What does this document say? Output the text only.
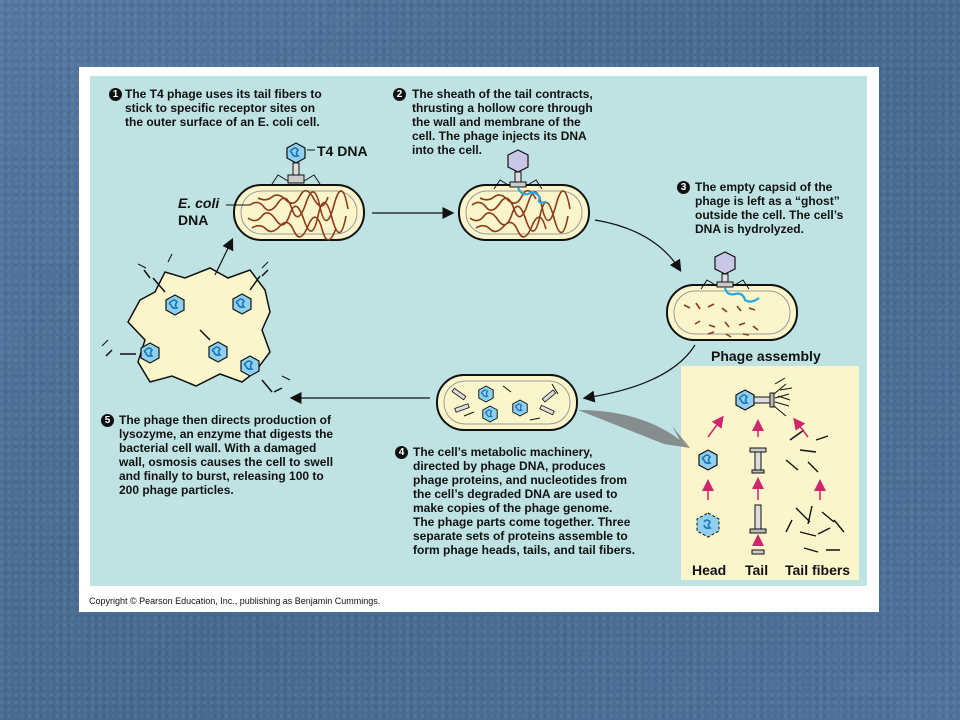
1 The T4 phage uses its tail fibers to
stick to specific receptor sites on
the outer surface of an E. coli cell.
2 The sheath of the tail contracts,
thrusting a hollow core through
the wall and membrane of the
cell. The phage injects its DNA
into the cell.
3 The empty capsid of the
phage is left as a “ghost”
outside the cell. The cell’s
DNA is hydrolyzed.
4 The cell’s metabolic machinery,
directed by phage DNA, produces
phage proteins, and nucleotides from
the cell’s degraded DNA are used to
make copies of the phage genome.
The phage parts come together. Three
separate sets of proteins assemble to
form phage heads, tails, and tail fibers.
5 The phage then directs production of
lysozyme, an enzyme that digests the
bacterial cell wall. With a damaged
wall, osmosis causes the cell to swell
and finally to burst, releasing 100 to
200 phage particles.
T4 DNA
E. coli
DNA
Phage assembly
Head Tail Tail fibers
Copyright © Pearson Education, Inc., publishing as Benjamin Cummings.
